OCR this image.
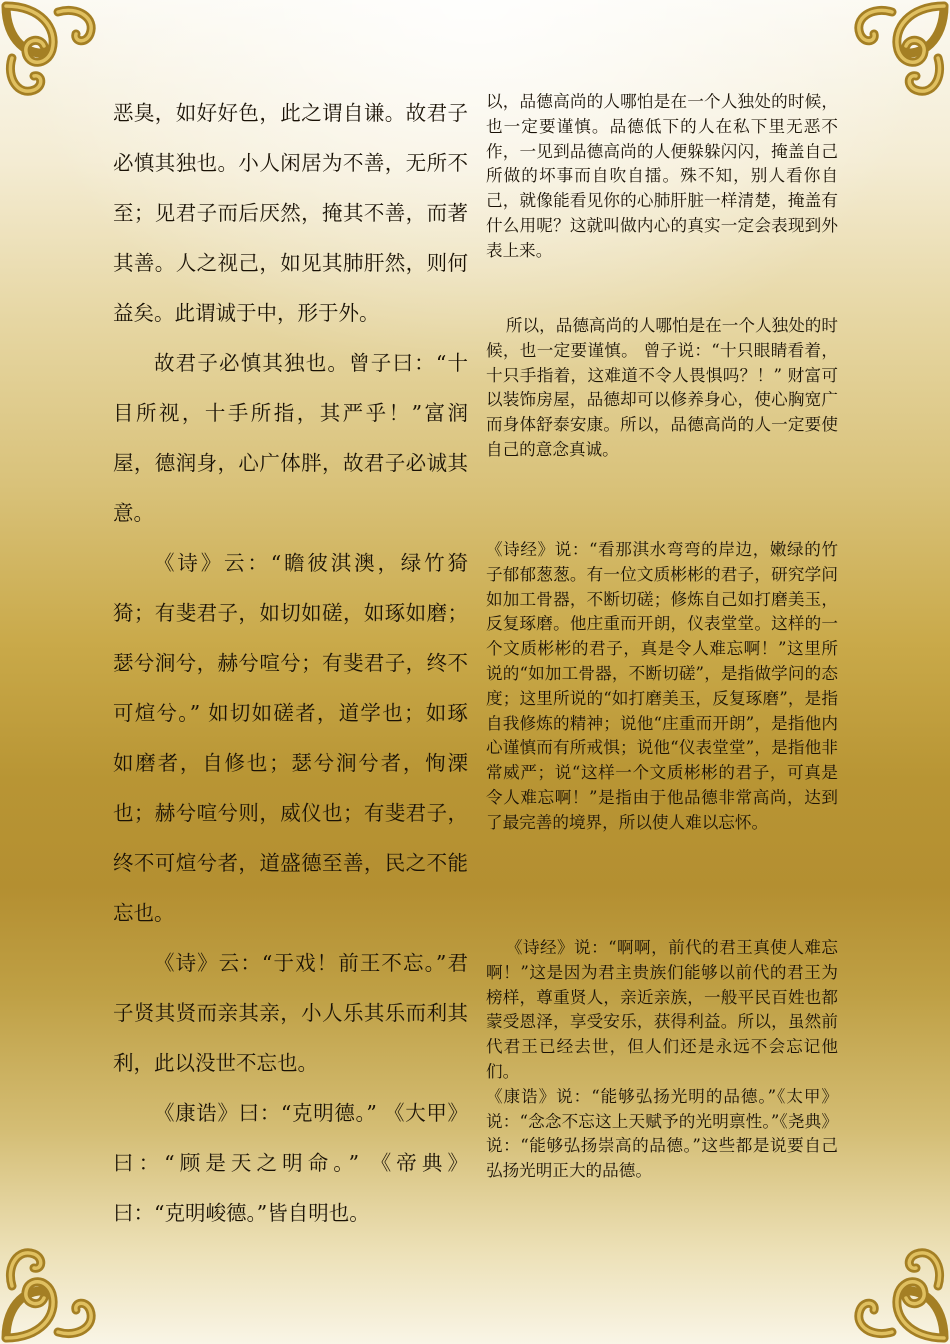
恶臭，如好好色，此之谓自谦。故君子必慎其独也。小人闲居为不善，无所不至；见君子而后厌然，掩其不善，而著其善。人之视己，如见其肺肝然，则何益矣。此谓诚于中，形于外。

故君子必慎其独也。曾子曰：“十目所视，十手所指，其严乎！”富润屋，德润身，心广体胖，故君子必诚其意。

《诗》云：“瞻彼淇澳，绿竹猗猗；有斐君子，如切如磋，如琢如磨；瑟兮涧兮，赫兮喧兮；有斐君子，终不可煊兮。” 如切如磋者，道学也；如琢如磨者，自修也；瑟兮涧兮者，恂溧也；赫兮喧兮则，威仪也；有斐君子，终不可煊兮者，道盛德至善，民之不能忘也。

《诗》云：“于戏！前王不忘。”君子贤其贤而亲其亲，小人乐其乐而利其利，此以没世不忘也。

《康诰》曰：“克明德。” 《大甲》曰：“顾是天之明命。” 《帝典》曰：“克明峻德。”皆自明也。

以，品德高尚的人哪怕是在一个人独处的时候，也一定要谨慎。品德低下的人在私下里无恶不作，一见到品德高尚的人便躲躲闪闪，掩盖自己所做的坏事而自吹自擂。殊不知，别人看你自己，就像能看见你的心肺肝脏一样清楚，掩盖有什么用呢？这就叫做内心的真实一定会表现到外表上来。

所以，品德高尚的人哪怕是在一个人独处的时候，也一定要谨慎。 曾子说：“十只眼睛看着，十只手指着，这难道不令人畏惧吗？！” 财富可以装饰房屋，品德却可以修养身心，使心胸宽广而身体舒泰安康。所以，品德高尚的人一定要使自己的意念真诚。

《诗经》说：“看那淇水弯弯的岸边，嫩绿的竹子郁郁葱葱。有一位文质彬彬的君子，研究学问如加工骨器，不断切磋；修炼自己如打磨美玉，反复琢磨。他庄重而开朗，仪表堂堂。这样的一个文质彬彬的君子，真是令人难忘啊！”这里所说的“如加工骨器，不断切磋”，是指做学问的态度；这里所说的“如打磨美玉，反复琢磨”，是指自我修炼的精神；说他“庄重而开朗”，是指他内心谨慎而有所戒惧；说他“仪表堂堂”，是指他非常威严；说“这样一个文质彬彬的君子，可真是令人难忘啊！”是指由于他品德非常高尚，达到了最完善的境界，所以使人难以忘怀。

《诗经》说：“啊啊，前代的君王真使人难忘啊！”这是因为君主贵族们能够以前代的君王为榜样，尊重贤人，亲近亲族，一般平民百姓也都蒙受恩泽，享受安乐，获得利益。所以，虽然前代君王已经去世，但人们还是永远不会忘记他们。

《康诰》说：“能够弘扬光明的品德。”《太甲》说：“念念不忘这上天赋予的光明禀性。”《尧典》说：“能够弘扬崇高的品德。”这些都是说要自己弘扬光明正大的品德。
